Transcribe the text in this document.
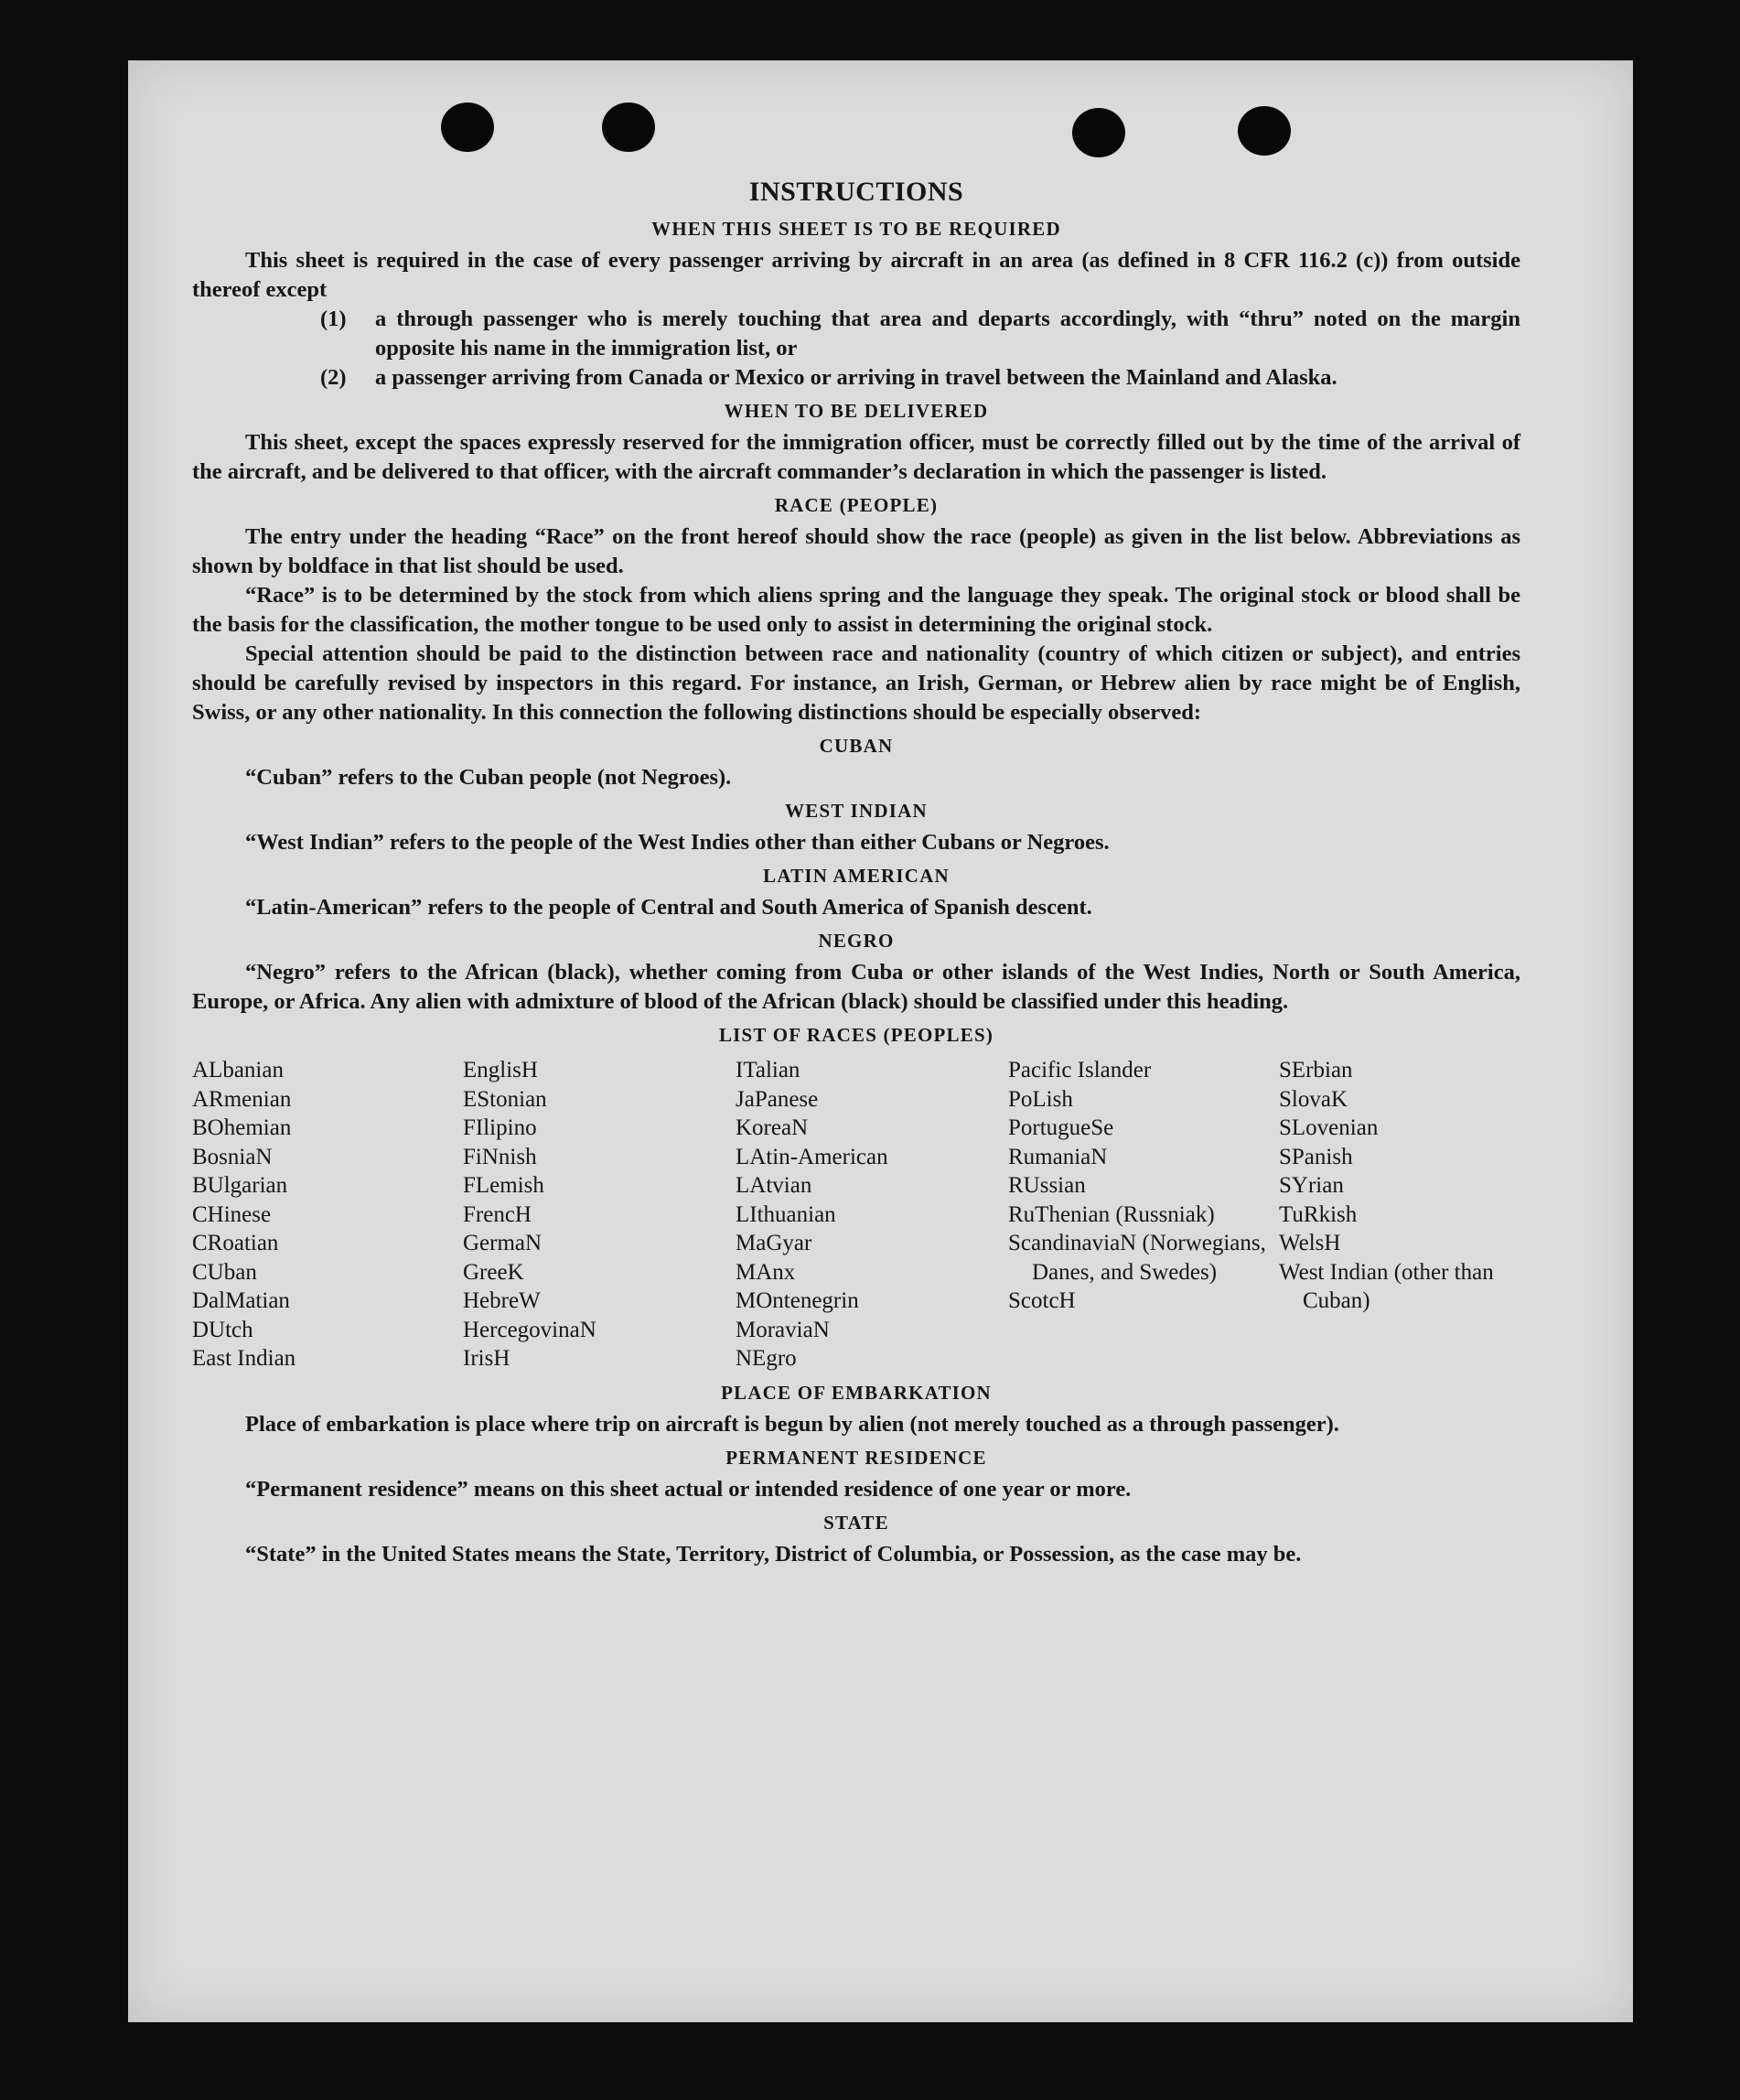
INSTRUCTIONS
WHEN THIS SHEET IS TO BE REQUIRED

This sheet is required in the case of every passenger arriving by aircraft in an area (as defined in 8 CFR 116.2 (c)) from outside thereof except

(1) a through passenger who is merely touching that area and departs accordingly, with “thru” noted on the margin opposite his name in the immigration list, or
(2) a passenger arriving from Canada or Mexico or arriving in travel between the Mainland and Alaska.
WHEN TO BE DELIVERED

This sheet, except the spaces expressly reserved for the immigration officer, must be correctly filled out by the time of the arrival of the aircraft, and be delivered to that officer, with the aircraft commander’s declaration in which the passenger is listed.

RACE (PEOPLE)

The entry under the heading “Race” on the front hereof should show the race (people) as given in the list below. Abbreviations as shown by boldface in that list should be used.

“Race” is to be determined by the stock from which aliens spring and the language they speak. The original stock or blood shall be the basis for the classification, the mother tongue to be used only to assist in determining the original stock.

Special attention should be paid to the distinction between race and nationality (country of which citizen or subject), and entries should be carefully revised by inspectors in this regard. For instance, an Irish, German, or Hebrew alien by race might be of English, Swiss, or any other nationality. In this connection the following distinctions should be especially observed:

CUBAN

“Cuban” refers to the Cuban people (not Negroes).

WEST INDIAN

“West Indian” refers to the people of the West Indies other than either Cubans or Negroes.

LATIN AMERICAN

“Latin-American” refers to the people of Central and South America of Spanish descent.

NEGRO

“Negro” refers to the African (black), whether coming from Cuba or other islands of the West Indies, North or South America, Europe, or Africa. Any alien with admixture of blood of the African (black) should be classified under this heading.

LIST OF RACES (PEOPLES)
ALbanian
ARmenian
BOhemian
BosniaN
BUlgarian
CHinese
CRoatian
CUban
DalMatian
DUtch
East Indian
EnglisH
EStonian
FIlipino
FiNnish
FLemish
FrencH
GermaN
GreeK
HebreW
HercegovinaN
IrisH
ITalian
JaPanese
KoreaN
LAtin-American
LAtvian
LIthuanian
MaGyar
MAnx
MOntenegrin
MoraviaN
NEgro
Pacific Islander
PoLish
PortugueSe
RumaniaN
RUssian
RuThenian (Russniak)
ScandinaviaN (Norwegians, Danes, and Swedes)
ScotcH
SErbian
SlovaK
SLovenian
SPanish
SYrian
TuRkish
WelsH
West Indian (other than Cuban)
PLACE OF EMBARKATION

Place of embarkation is place where trip on aircraft is begun by alien (not merely touched as a through passenger).

PERMANENT RESIDENCE

“Permanent residence” means on this sheet actual or intended residence of one year or more.

STATE

“State” in the United States means the State, Territory, District of Columbia, or Possession, as the case may be.
